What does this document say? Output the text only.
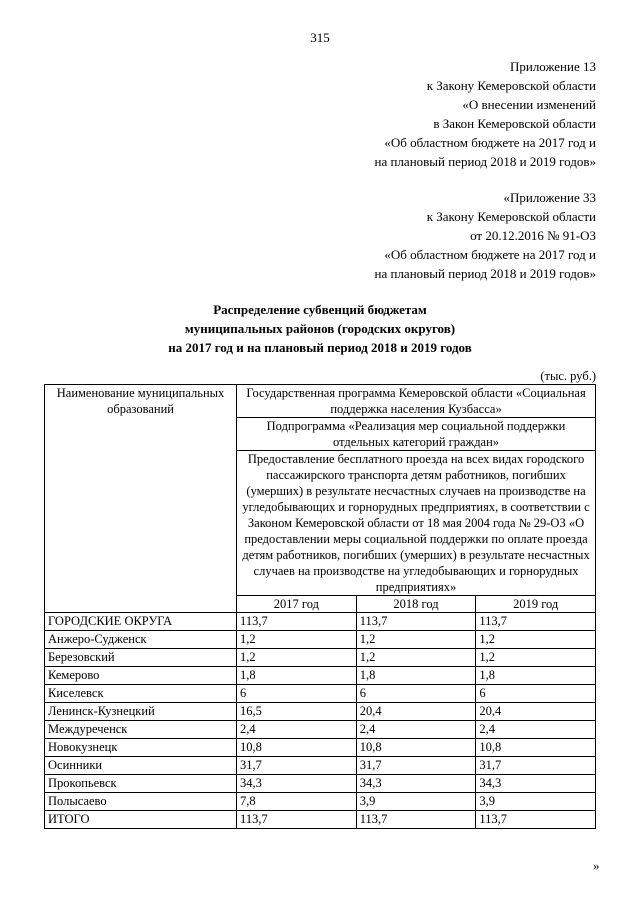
315
Приложение 13
к Закону Кемеровской области
«О внесении изменений
в Закон Кемеровской области
«Об областном бюджете на 2017 год и
на плановый период 2018 и 2019 годов»
«Приложение 33
к Закону Кемеровской области
от 20.12.2016 № 91-ОЗ
«Об областном бюджете на 2017 год и
на плановый период 2018 и 2019 годов»
Распределение субвенций бюджетам
муниципальных районов (городских округов)
на 2017 год и на плановый период 2018 и 2019 годов
(тыс. руб.)
Наименование муниципальных образований	Государственная программа Кемеровской области «Социальная поддержка населения Кузбасса»		
	Подпрограмма «Реализация мер социальной поддержки отдельных категорий граждан»		
	Предоставление бесплатного проезда на всех видах городского пассажирского транспорта детям работников, погибших (умерших) в результате несчастных случаев на производстве на угледобывающих и горнорудных предприятиях, в соответствии с Законом Кемеровской области от 18 мая 2004 года № 29-ОЗ «О предоставлении меры социальной поддержки по оплате проезда детям работников, погибших (умерших) в результате несчастных случаев на производстве на угледобывающих и горнорудных предприятиях»		
	2017 год	2018 год	2019 год
ГОРОДСКИЕ ОКРУГА	113,7	113,7	113,7
Анжеро-Судженск	1,2	1,2	1,2
Березовский	1,2	1,2	1,2
Кемерово	1,8	1,8	1,8
Киселевск	6	6	6
Ленинск-Кузнецкий	16,5	20,4	20,4
Междуреченск	2,4	2,4	2,4
Новокузнецк	10,8	10,8	10,8
Осинники	31,7	31,7	31,7
Прокопьевск	34,3	34,3	34,3
Полысаево	7,8	3,9	3,9
ИТОГО	113,7	113,7	113,7
»
